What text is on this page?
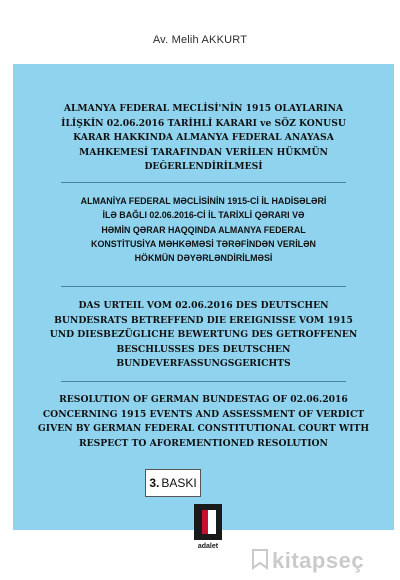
Av. Melih AKKURT
ALMANYA FEDERAL MECLİSİ'NİN 1915 OLAYLARINA
İLİŞKİN 02.06.2016 TARİHLİ KARARI ve SÖZ KONUSU
KARAR HAKKINDA ALMANYA FEDERAL ANAYASA
MAHKEMESİ TARAFINDAN VERİLEN HÜKMÜN
DEĞERLENDİRİLMESİ
ALMANİYA FEDERAL MƏCLİSİNİN 1915-Cİ İL HADİSƏLƏRİ
İLƏ BAĞLI 02.06.2016-Cİ İL TARİXLİ QƏRARI VƏ
HƏMİN QƏRAR HAQQINDA ALMANYA FEDERAL
KONSTİTUSİYA MƏHKƏMƏSİ TƏRƏFİNDƏN VERİLƏN
HÖKMÜN DƏYƏRLƏNDİRİLMƏSİ
DAS URTEIL VOM 02.06.2016 DES DEUTSCHEN
BUNDESRATS BETREFFEND DIE EREIGNISSE VOM 1915
UND DIESBEZÜGLICHE BEWERTUNG DES GETROFFENEN
BESCHLUSSES DES DEUTSCHEN
BUNDEVERFASSUNGSGERICHTS
RESOLUTION OF GERMAN BUNDESTAG OF 02.06.2016
CONCERNING 1915 EVENTS AND ASSESSMENT OF VERDICT
GIVEN BY GERMAN FEDERAL CONSTITUTIONAL COURT WITH
RESPECT TO AFOREMENTIONED RESOLUTION
3. BASKI
adalet
kitapseç
